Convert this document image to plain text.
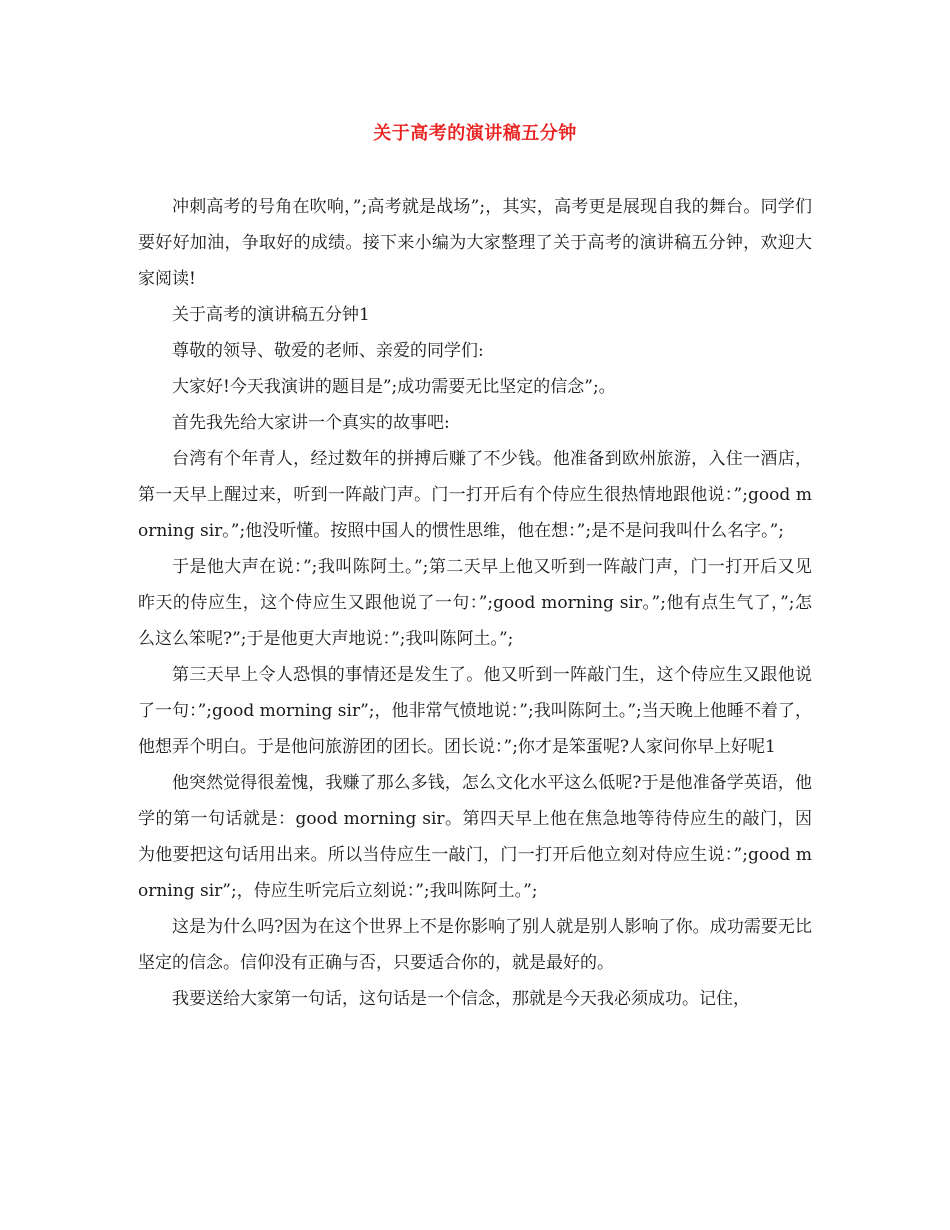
关于高考的演讲稿五分钟

冲刺高考的号角在吹响，”;高考就是战场”;，其实，高考更是展现自我的舞台。同学们要好好加油，争取好的成绩。接下来小编为大家整理了关于高考的演讲稿五分钟，欢迎大家阅读!

关于高考的演讲稿五分钟1

尊敬的领导、敬爱的老师、亲爱的同学们:

大家好!今天我演讲的题目是”;成功需要无比坚定的信念”;。

首先我先给大家讲一个真实的故事吧:

台湾有个年青人，经过数年的拼搏后赚了不少钱。他准备到欧州旅游，入住一酒店，第一天早上醒过来，听到一阵敲门声。门一打开后有个侍应生很热情地跟他说：”;good morning sir。”;他没听懂。按照中国人的惯性思维，他在想：”;是不是问我叫什么名字。”;

于是他大声在说：”;我叫陈阿土。”;第二天早上他又听到一阵敲门声，门一打开后又见昨天的侍应生，这个侍应生又跟他说了一句：”;good morning sir。”;他有点生气了，”;怎么这么笨呢?”;于是他更大声地说：”;我叫陈阿土。”;

第三天早上令人恐惧的事情还是发生了。他又听到一阵敲门生，这个侍应生又跟他说了一句：”;good morning sir”;，他非常气愤地说：”;我叫陈阿土。”;当天晚上他睡不着了，他想弄个明白。于是他问旅游团的团长。团长说：”;你才是笨蛋呢?人家问你早上好呢1

他突然觉得很羞愧，我赚了那么多钱，怎么文化水平这么低呢?于是他准备学英语，他学的第一句话就是：good morning sir。第四天早上他在焦急地等待侍应生的敲门，因为他要把这句话用出来。所以当侍应生一敲门，门一打开后他立刻对侍应生说：”;good morning sir”;，侍应生听完后立刻说：”;我叫陈阿土。”;

这是为什么吗?因为在这个世界上不是你影响了别人就是别人影响了你。成功需要无比坚定的信念。信仰没有正确与否，只要适合你的，就是最好的。

我要送给大家第一句话，这句话是一个信念，那就是今天我必须成功。记住，
